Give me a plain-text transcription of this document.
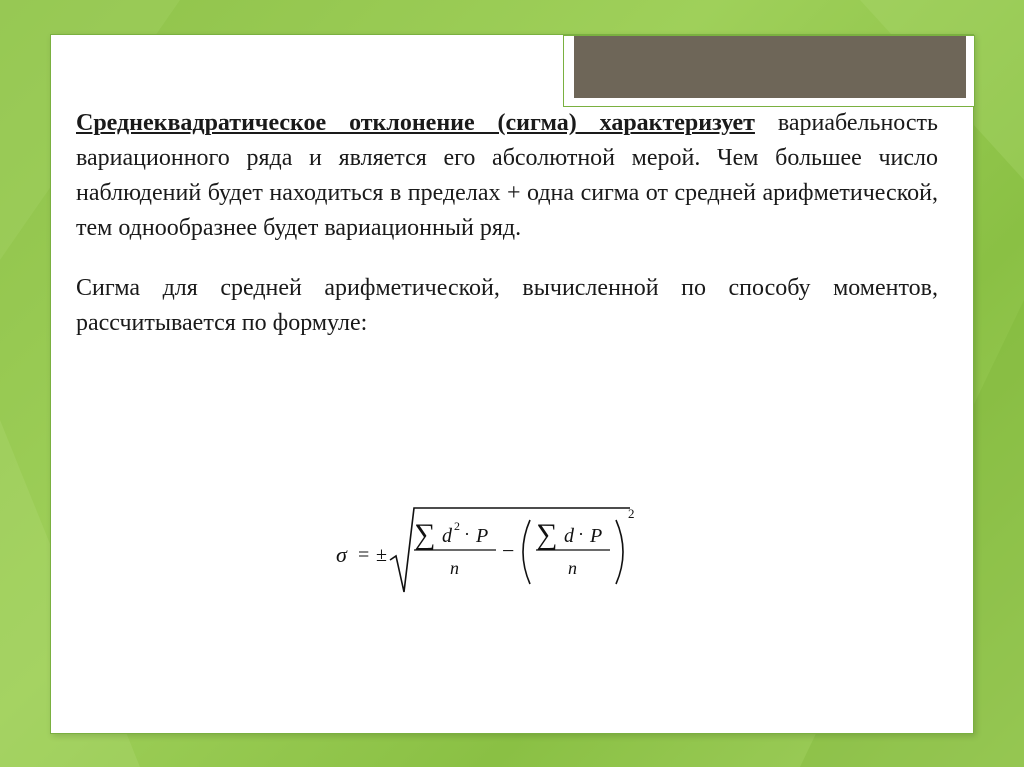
Среднеквадратическое отклонение (сигма) характеризует вариабельность вариационного ряда и является его абсолютной мерой. Чем большее число наблюдений будет находиться в пределах + одна сигма от средней арифметической, тем однообразнее будет вариационный ряд.

Сигма для средней арифметической, вычисленной по способу моментов, рассчитывается по формуле:

σ = ±
∑ d 2 · P
n
− ∑ d · P
n
2
